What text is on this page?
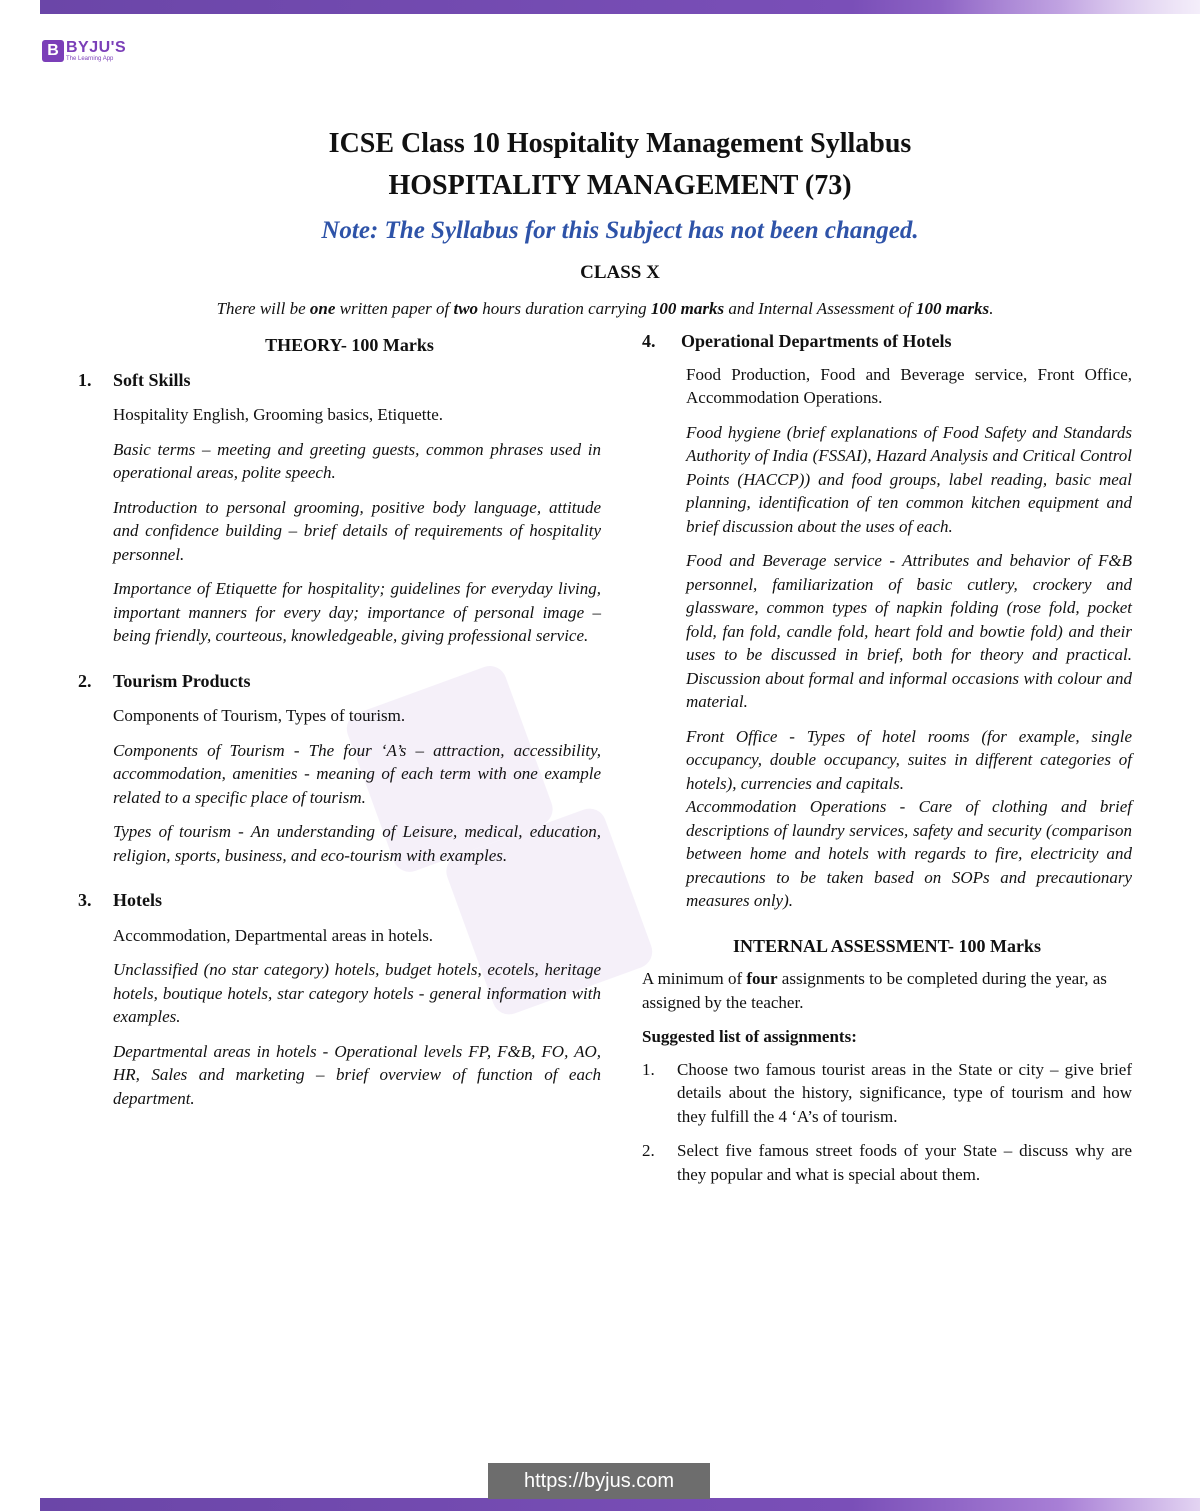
B BYJU'S
The Learning App
ICSE Class 10 Hospitality Management Syllabus
HOSPITALITY MANAGEMENT (73)
Note: The Syllabus for this Subject has not been changed.
CLASS X
There will be one written paper of two hours duration carrying 100 marks and Internal Assessment of 100 marks.

THEORY- 100 Marks

1.	Soft Skills

Hospitality English, Grooming basics, Etiquette.

Basic terms – meeting and greeting guests, common phrases used in operational areas, polite speech.

Introduction to personal grooming, positive body language, attitude and confidence building – brief details of requirements of hospitality personnel.

Importance of Etiquette for hospitality; guidelines for everyday living, important manners for every day; importance of personal image – being friendly, courteous, knowledgeable, giving professional service.

2.	Tourism Products

Components of Tourism, Types of tourism.

Components of Tourism - The four ‘A’s – attraction, accessibility, accommodation, amenities - meaning of each term with one example related to a specific place of tourism.

Types of tourism - An understanding of Leisure, medical, education, religion, sports, business, and eco-tourism with examples.

3.	Hotels

Accommodation, Departmental areas in hotels.

Unclassified (no star category) hotels, budget hotels, ecotels, heritage hotels, boutique hotels, star category hotels - general information with examples.

Departmental areas in hotels - Operational levels FP, F&B, FO, AO, HR, Sales and marketing – brief overview of function of each department.

4.	Operational Departments of Hotels

Food Production, Food and Beverage service, Front Office, Accommodation Operations.

Food hygiene (brief explanations of Food Safety and Standards Authority of India (FSSAI), Hazard Analysis and Critical Control Points (HACCP)) and food groups, label reading, basic meal planning, identification of ten common kitchen equipment and brief discussion about the uses of each.

Food and Beverage service - Attributes and behavior of F&B personnel, familiarization of basic cutlery, crockery and glassware, common types of napkin folding (rose fold, pocket fold, fan fold, candle fold, heart fold and bowtie fold) and their uses to be discussed in brief, both for theory and practical. Discussion about formal and informal occasions with colour and material.

Front Office - Types of hotel rooms (for example, single occupancy, double occupancy, suites in different categories of hotels), currencies and capitals.

Accommodation Operations - Care of clothing and brief descriptions of laundry services, safety and security (comparison between home and hotels with regards to fire, electricity and precautions to be taken based on SOPs and precautionary measures only).

INTERNAL ASSESSMENT- 100 Marks

A minimum of four assignments to be completed during the year, as assigned by the teacher.

Suggested list of assignments:

1.	Choose two famous tourist areas in the State or city – give brief details about the history, significance, type of tourism and how they fulfill the 4 ‘A’s of tourism.
2.	Select five famous street foods of your State – discuss why are they popular and what is special about them.
https://byjus.com
